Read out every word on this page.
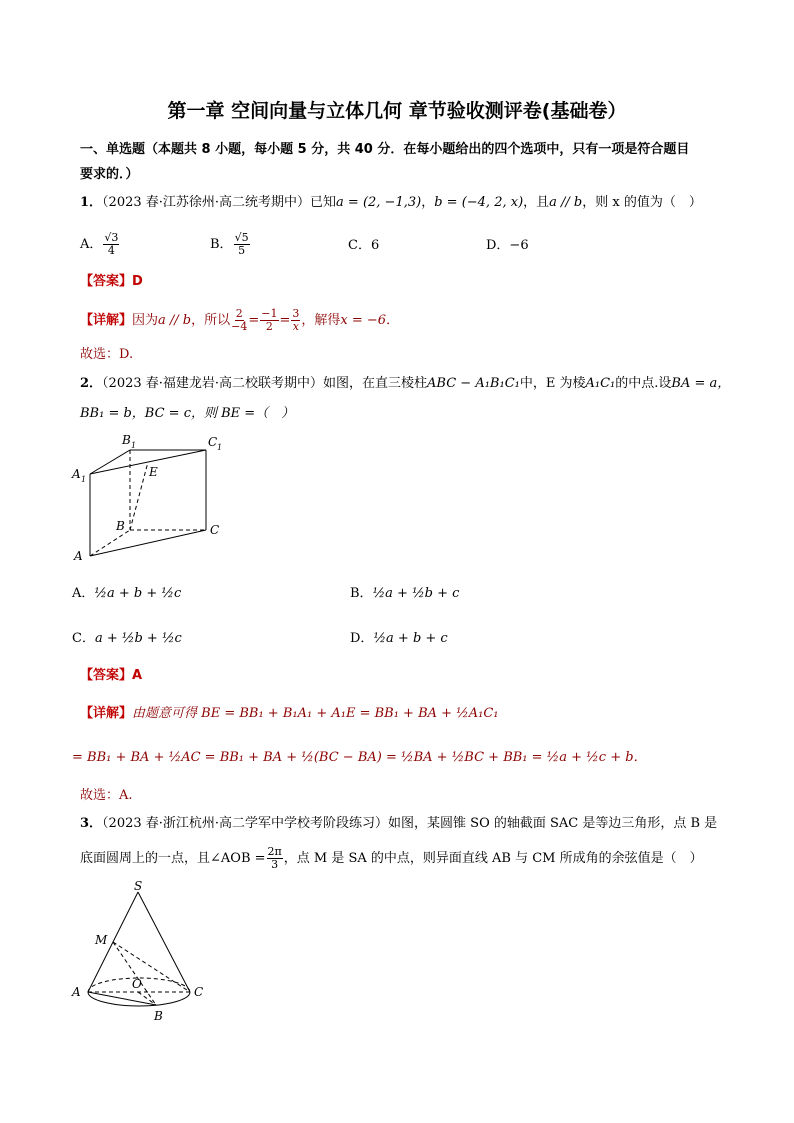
第一章 空间向量与立体几何 章节验收测评卷(基础卷）
一、单选题（本题共 8 小题，每小题 5 分，共 40 分．在每小题给出的四个选项中，只有一项是符合题目
要求的．）
1．（2023 春·江苏徐州·高二统考期中）已知a = (2, −1,3)，b = (−4, 2, x)，且a // b，则 x 的值为（　）
A． $\frac{√3}{4}$	B． $\frac{√5}{5}$	C．6	D．−6
【答案】D
【详解】因为a // b，所以 $\frac{2}{-4} = \frac{-1}{2} = \frac{3}{x}$ ，解得x = −6．
故选：D.
2．（2023 春·福建龙岩·高二校联考期中）如图，在直三棱柱ABC − A₁B₁C₁中，E 为棱A₁C₁的中点.设BA = a，
BB₁ = b，BC = c，则 BE =（　）
A
B	C
A 1
B 1	C 1
E
A．½a + b + ½c	B．½a + ½b + c
C．a + ½b + ½c	D．½a + b + c
【答案】A
【详解】由题意可得 BE = BB₁ + B₁A₁ + A₁E = BB₁ + BA + ½A₁C₁
= BB₁ + BA + ½AC = BB₁ + BA + ½(BC − BA) = ½BA + ½BC + BB₁ = ½a + ½c + b．
故选：A.
3．（2023 春·浙江杭州·高二学军中学校考阶段练习）如图，某圆锥 SO 的轴截面 SAC 是等边三角形，点 B 是
底面圆周上的一点，且∠AOB = $\frac{2\pi}{3}$ ，点 M 是 SA 的中点，则异面直线 AB 与 CM 所成角的余弦值是（　）
S
M
A
O
C
B
